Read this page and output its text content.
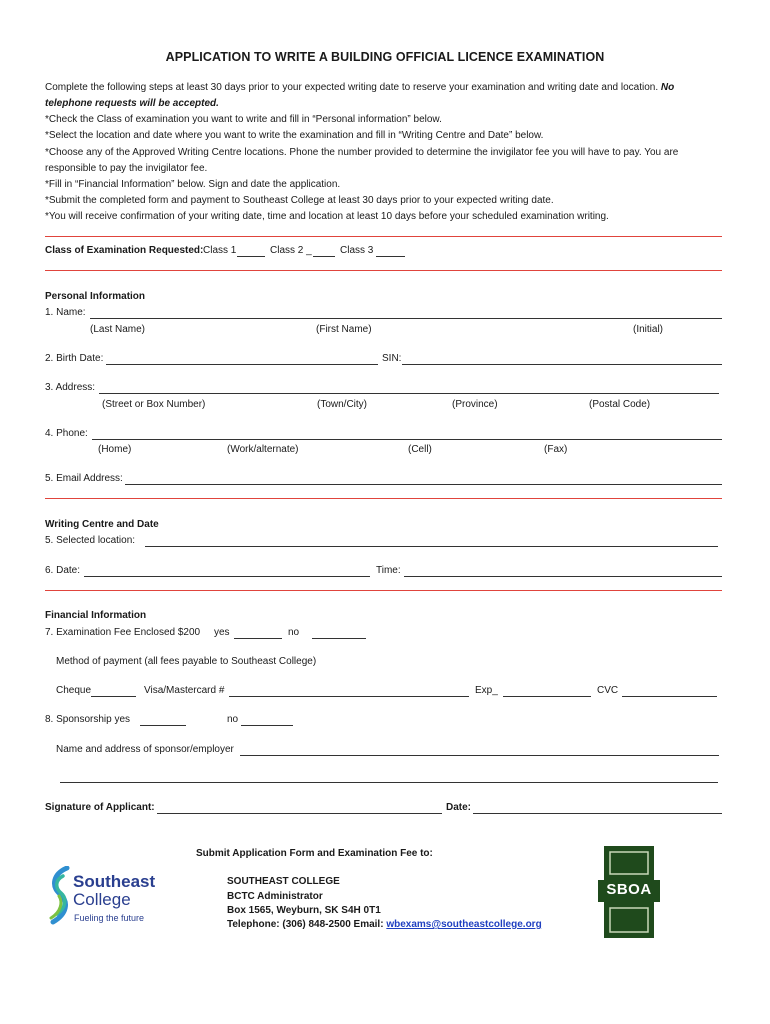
APPLICATION TO WRITE A BUILDING OFFICIAL LICENCE EXAMINATION
Complete the following steps at least 30 days prior to your expected writing date to reserve your examination and writing date and location. No
telephone requests will be accepted.
*Check the Class of examination you want to write and fill in “Personal information” below.
*Select the location and date where you want to write the examination and fill in “Writing Centre and Date” below.
*Choose any of the Approved Writing Centre locations. Phone the number provided to determine the invigilator fee you will have to pay. You are
responsible to pay the invigilator fee.
*Fill in “Financial Information” below. Sign and date the application.
*Submit the completed form and payment to Southeast College at least 30 days prior to your expected writing date.
*You will receive confirmation of your writing date, time and location at least 10 days before your scheduled examination writing.
Class of Examination Requested: Class 1	Class 2 _	Class 3
Personal Information
1. Name:
(Last Name)	(First Name)	(Initial)
2. Birth Date:	SIN:
3. Address:
(Street or Box Number)	(Town/City)	(Province)	(Postal Code)
4. Phone:
(Home)	(Work/alternate)	(Cell)	(Fax)
5. Email Address:
Writing Centre and Date
5. Selected location:
6. Date:	Time:
Financial Information
7. Examination Fee Enclosed $200 yes	no
Method of payment (all fees payable to Southeast College)
Cheque	Visa/Mastercard #	Exp_	CVC
8. Sponsorship yes	no
Name and address of sponsor/employer
Signature of Applicant:	Date:
Submit Application Form and Examination Fee to:
SOUTHEAST COLLEGE
BCTC Administrator
Box 1565, Weyburn, SK S4H 0T1
Telephone: (306) 848-2500 Email: wbexams@southeastcollege.org
Southeast
College
Fueling the future
SBOA
